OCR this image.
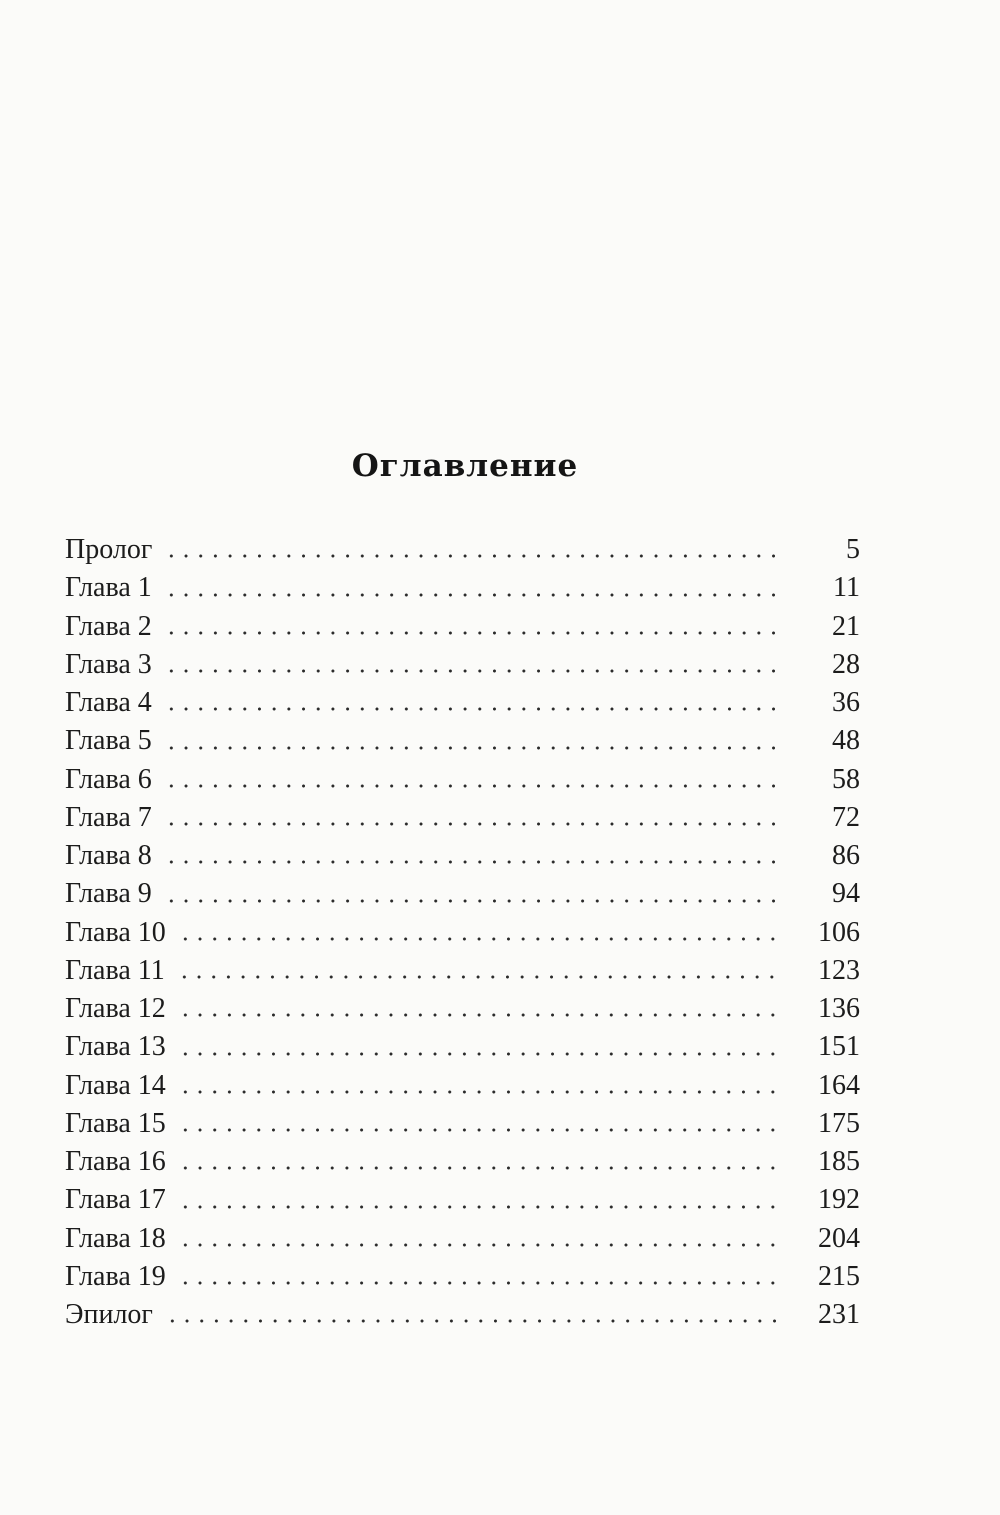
Оглавление
Пролог	5
Глава 1	11
Глава 2	21
Глава 3	28
Глава 4	36
Глава 5	48
Глава 6	58
Глава 7	72
Глава 8	86
Глава 9	94
Глава 10	106
Глава 11	123
Глава 12	136
Глава 13	151
Глава 14	164
Глава 15	175
Глава 16	185
Глава 17	192
Глава 18	204
Глава 19	215
Эпилог	231
